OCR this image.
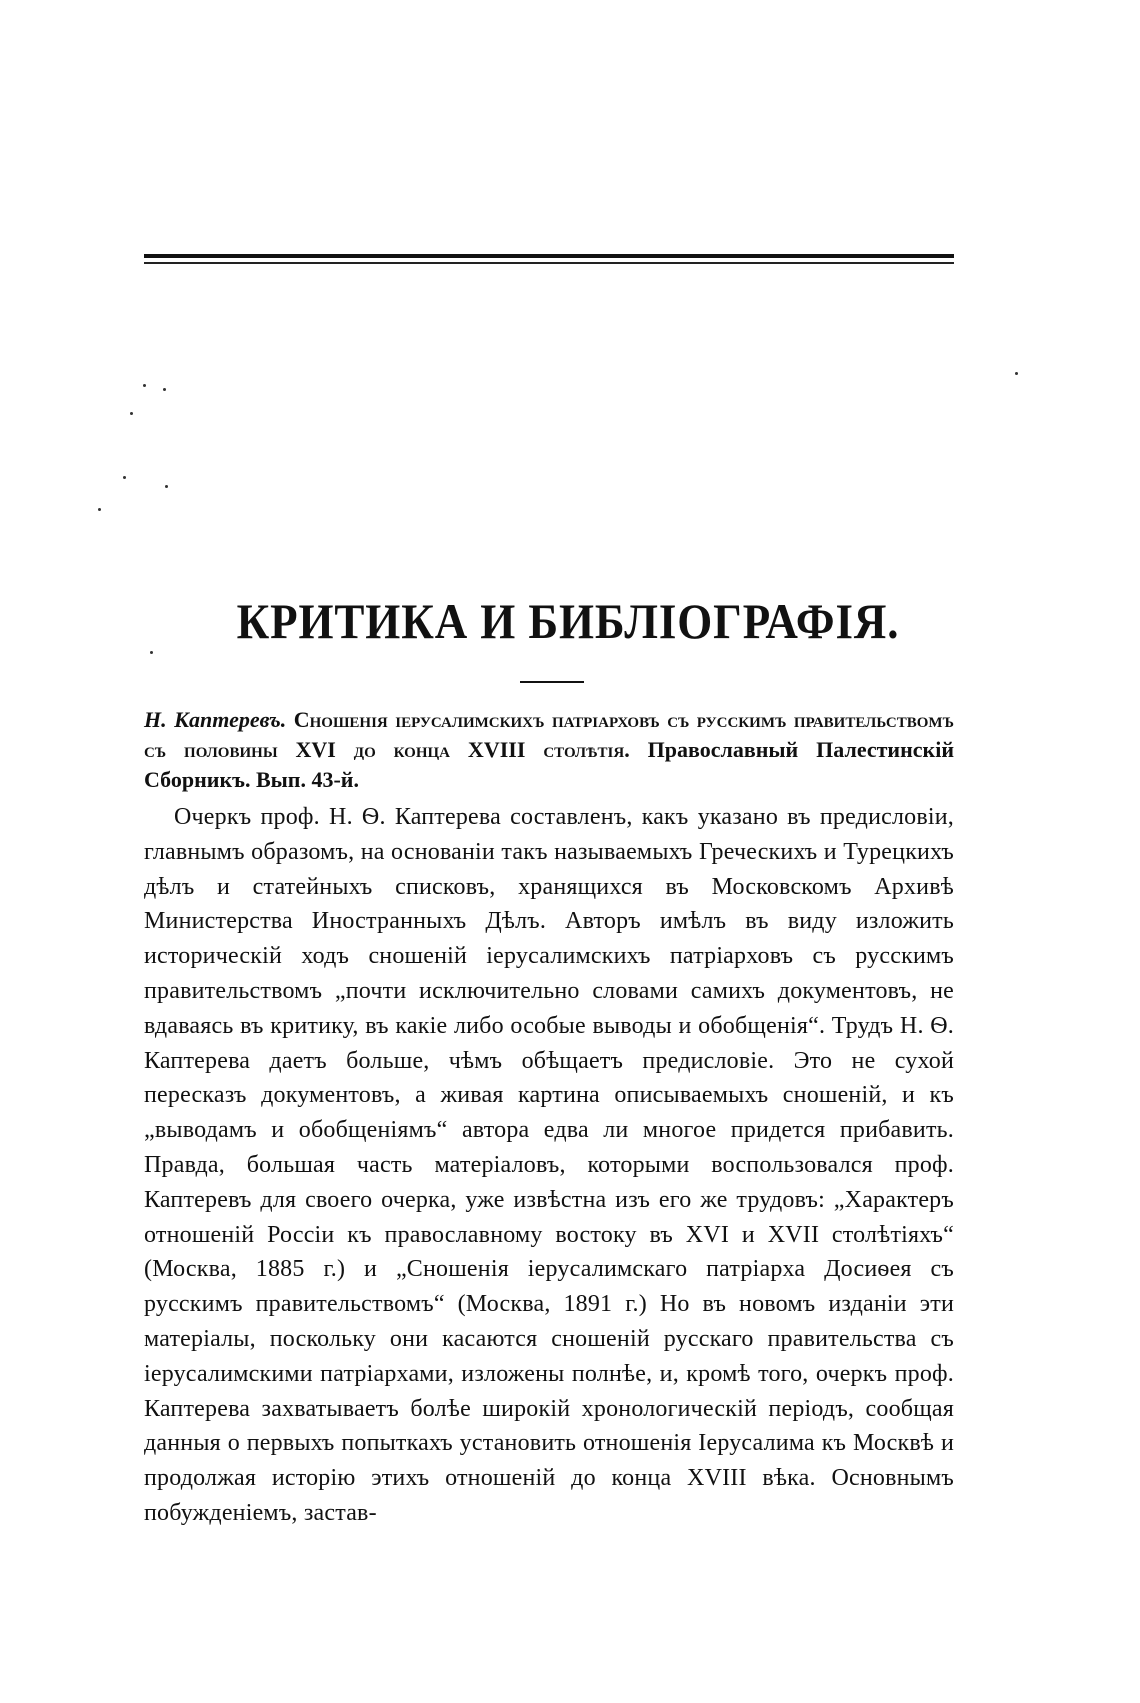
КРИТИКА И БИБЛІОГРАФІЯ.
Н. Каптеревъ. Сношенія іерусалимскихъ патріарховъ съ русскимъ правительствомъ съ половины XVI до конца XVIII столѣтія. Православный Палестинскій Сборникъ. Вып. 43-й.

Очеркъ проф. Н. Ѳ. Каптерева составленъ, какъ указано въ предисловіи, главнымъ образомъ, на основаніи такъ называемыхъ Греческихъ и Турецкихъ дѣлъ и статейныхъ списковъ, хранящихся въ Московскомъ Архивѣ Министерства Иностранныхъ Дѣлъ. Авторъ имѣлъ въ виду изложить историческій ходъ сношеній іерусалимскихъ патріарховъ съ русскимъ правительствомъ „почти исключительно словами самихъ документовъ, не вдаваясь въ критику, въ какіе либо особые выводы и обобщенія“. Трудъ Н. Ѳ. Каптерева даетъ больше, чѣмъ обѣщаетъ предисловіе. Это не сухой пересказъ документовъ, а живая картина описываемыхъ сношеній, и къ „выводамъ и обобщеніямъ“ автора едва ли многое придется прибавить. Правда, большая часть матеріаловъ, которыми воспользовался проф. Каптеревъ для своего очерка, уже извѣстна изъ его же трудовъ: „Характеръ отношеній Россіи къ православному востоку въ XVI и XVII столѣтіяхъ“ (Москва, 1885 г.) и „Сношенія іерусалимскаго патріарха Досиѳея съ русскимъ правительствомъ“ (Москва, 1891 г.) Но въ новомъ изданіи эти матеріалы, поскольку они касаются сношеній русскаго правительства съ іерусалимскими патріархами, изложены полнѣе, и, кромѣ того, очеркъ проф. Каптерева захватываетъ болѣе широкій хронологическій періодъ, сообщая данныя о первыхъ попыткахъ установить отношенія Іерусалима къ Москвѣ и продолжая исторію этихъ отношеній до конца XVIII вѣка. Основнымъ побужденіемъ, застав-
